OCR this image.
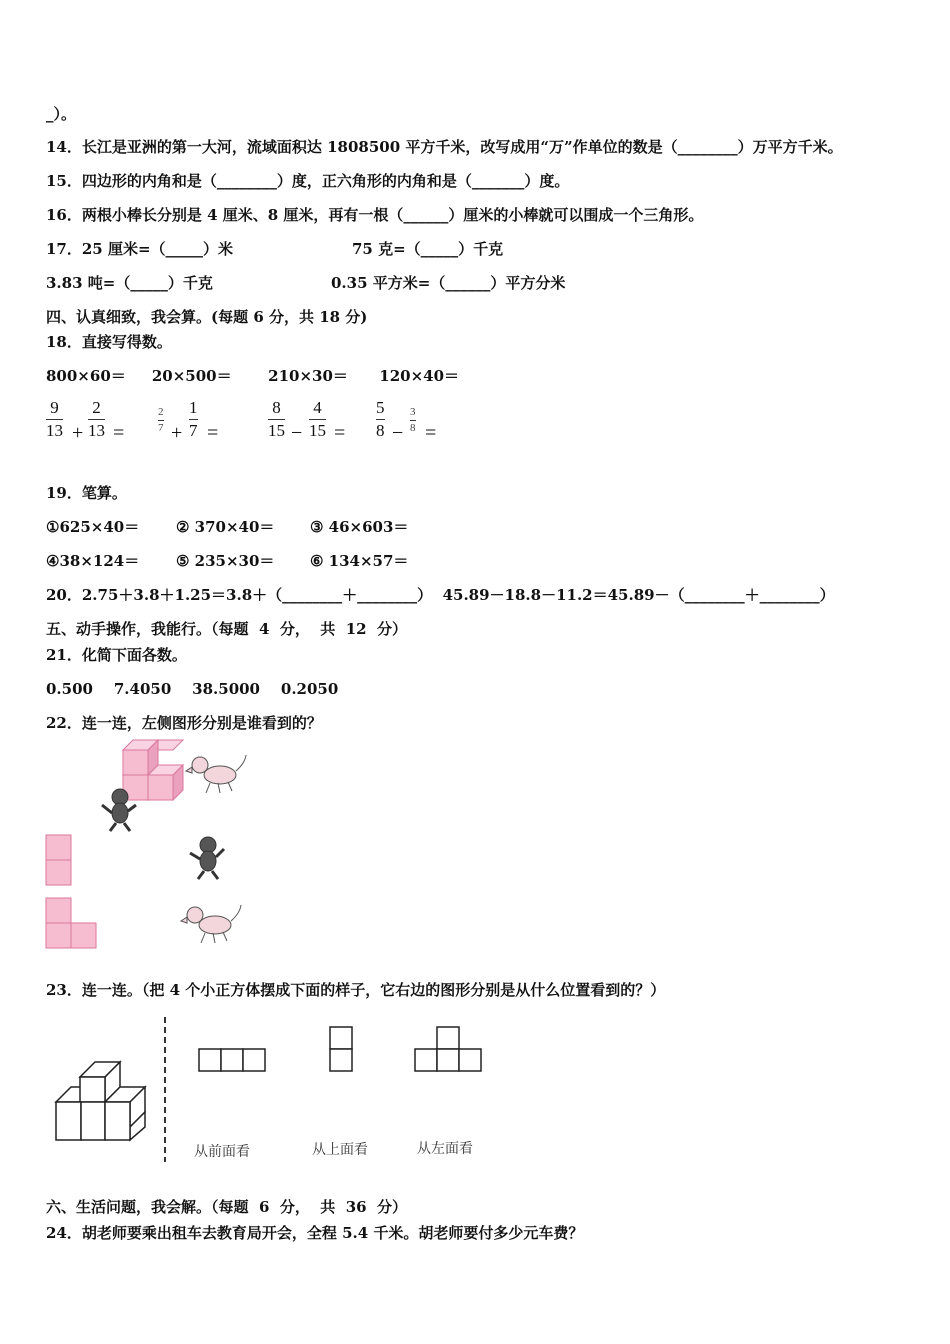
_）。
14．长江是亚洲的第一大河，流域面积达 1808500 平方千米，改写成用“万”作单位的数是（________）万平方千米。
15．四边形的内角和是（________）度，正六角形的内角和是（_______）度。
16．两根小棒长分别是 4 厘米、8 厘米，再有一根（______）厘米的小棒就可以围成一个三角形。
17．25 厘米=（_____）米	75 克=（_____）千克
3.83 吨=（_____）千克	0.35 平方米=（______）平方分米
四、认真细致，我会算。(每题 6 分，共 18 分)
18．直接写得数。
800×60＝     20×500＝       210×30＝      120×40＝
9
13 +
2
13 =
2
7 +
1
7 =
8
15 −
4
15 =
5
8 −
3
8 =
19．笔算。
①625×40＝ ② 370×40＝ ③ 46×603＝
④38×124＝ ⑤ 235×30＝ ⑥ 134×57＝
20．2.75＋3.8＋1.25＝3.8＋（________＋________）  45.89－18.8－11.2＝45.89－（________＋________）
五、动手操作，我能行。（每题  4  分，  共  12  分）
21．化简下面各数。
0.500    7.4050    38.5000    0.2050
22．连一连，左侧图形分别是谁看到的？
23．连一连。（把 4 个小正方体摆成下面的样子，它右边的图形分别是从什么位置看到的？）
从前面看	从上面看	从左面看
六、生活问题，我会解。（每题  6  分，  共  36  分）
24．胡老师要乘出租车去教育局开会，全程 5.4 千米。胡老师要付多少元车费？
